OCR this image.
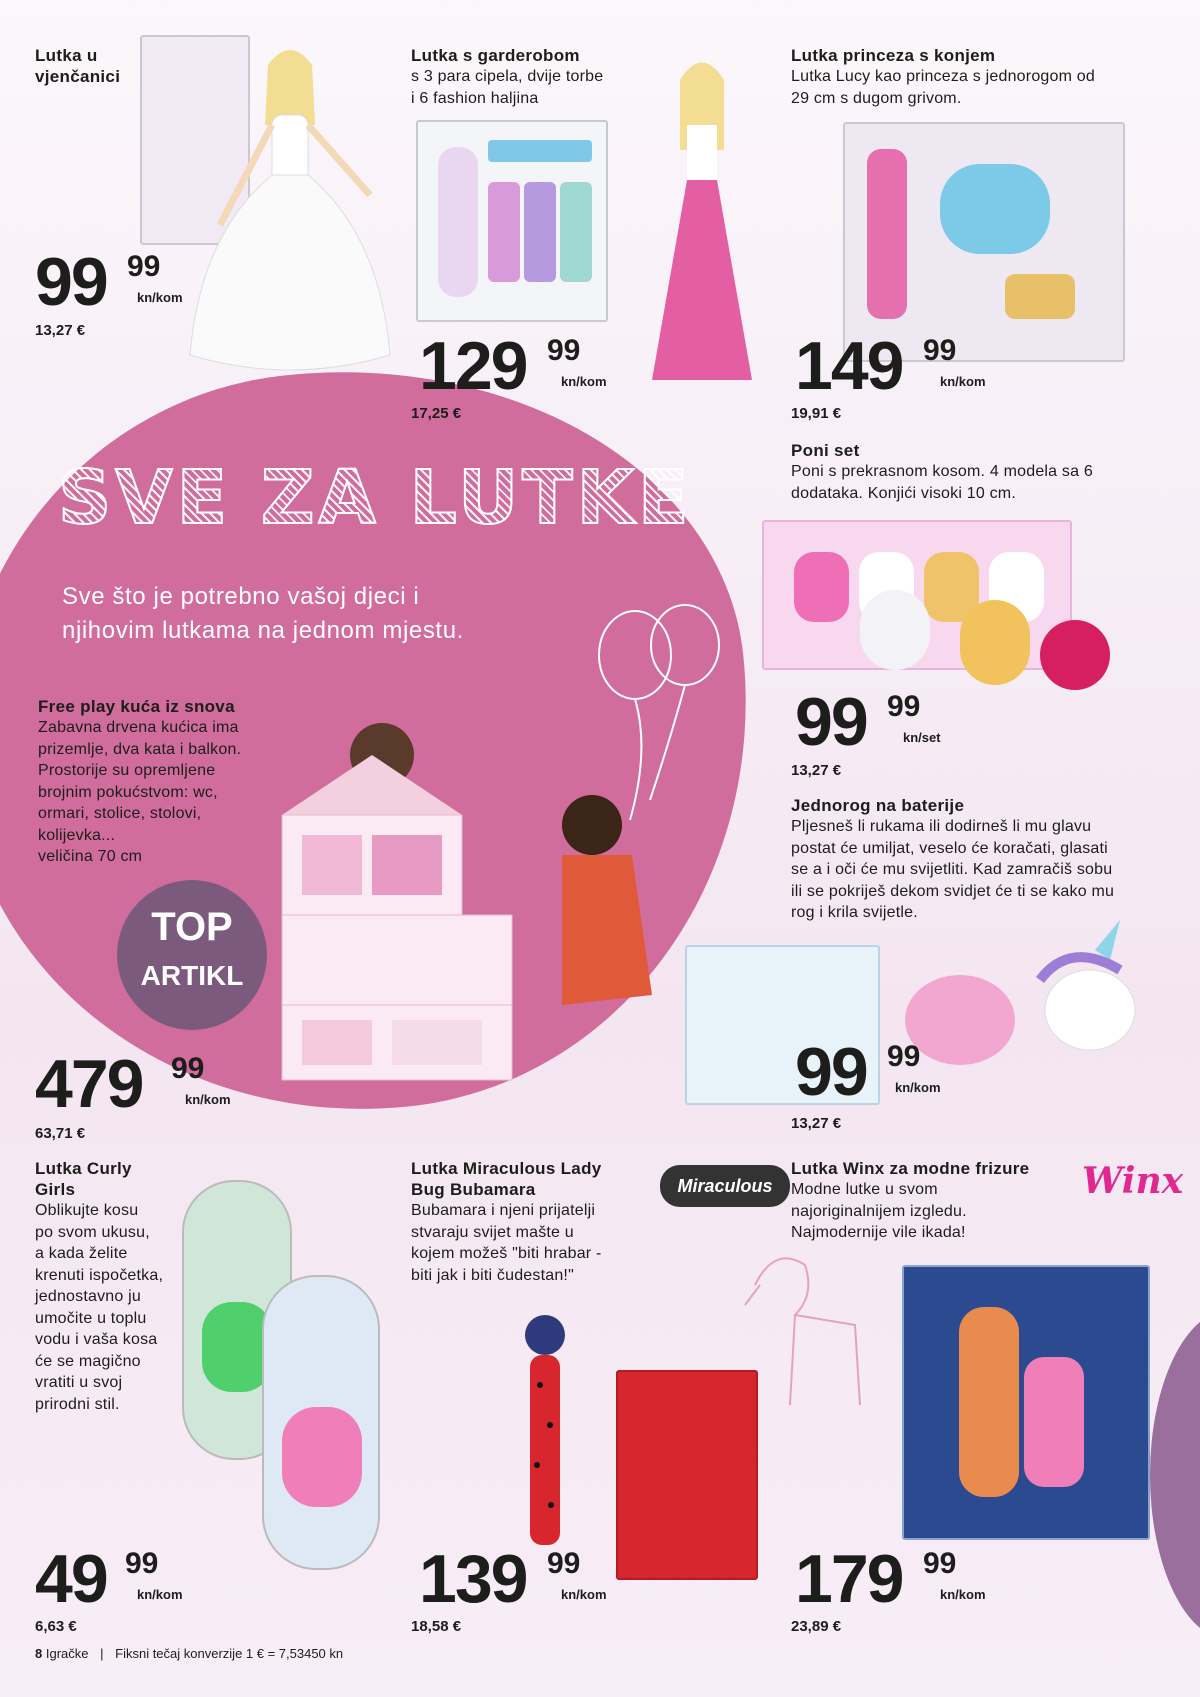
SVE ZA LUTKE
Sve što je potrebno vašoj djeci i
njihovim lutkama na jednom mjestu.
Lutka u
vjenčanici
99 99
kn/kom
13,27 €
Lutka s garderobom
s 3 para cipela, dvije torbe
i 6 fashion haljina
129 99
kn/kom
17,25 €
Lutka princeza s konjem
Lutka Lucy kao princeza s jednorogom od
29 cm s dugom grivom.
149 99
kn/kom
19,91 €
Poni set
Poni s prekrasnom kosom. 4 modela sa 6
dodataka. Konjići visoki 10 cm.
99 99
kn/set
13,27 €
Free play kuća iz snova
Zabavna drvena kućica ima
prizemlje, dva kata i balkon.
Prostorije su opremljene
brojnim pokućstvom: wc,
ormari, stolice, stolovi,
kolijevka...
veličina 70 cm
TOP
ARTIKL
479 99
kn/kom
63,71 €
Jednorog na baterije
Pljesneš li rukama ili dodirneš li mu glavu
postat će umiljat, veselo će koračati, glasati
se a i oči će mu svijetliti. Kad zamračiš sobu
ili se pokriješ dekom svidjet će ti se kako mu
rog i krila svijetle.
99 99
kn/kom
13,27 €
Lutka Curly
Girls
Oblikujte kosu
po svom ukusu,
a kada želite
krenuti ispočetka,
jednostavno ju
umočite u toplu
vodu i vaša kosa
će se magično
vratiti u svoj
prirodni stil.
49 99
kn/kom
6,63 €
Lutka Miraculous Lady
Bug Bubamara
Bubamara i njeni prijatelji
stvaraju svijet mašte u
kojem možeš "biti hrabar -
biti jak i biti čudestan!"
Miraculous
139 99
kn/kom
18,58 €
Lutka Winx za modne frizure
Modne lutke u svom
najoriginalnijem izgledu.
Najmodernije vile ikada!
Winx
179 99
kn/kom
23,89 €
8 Igračke | Fiksni tečaj konverzije 1 € = 7,53450 kn
